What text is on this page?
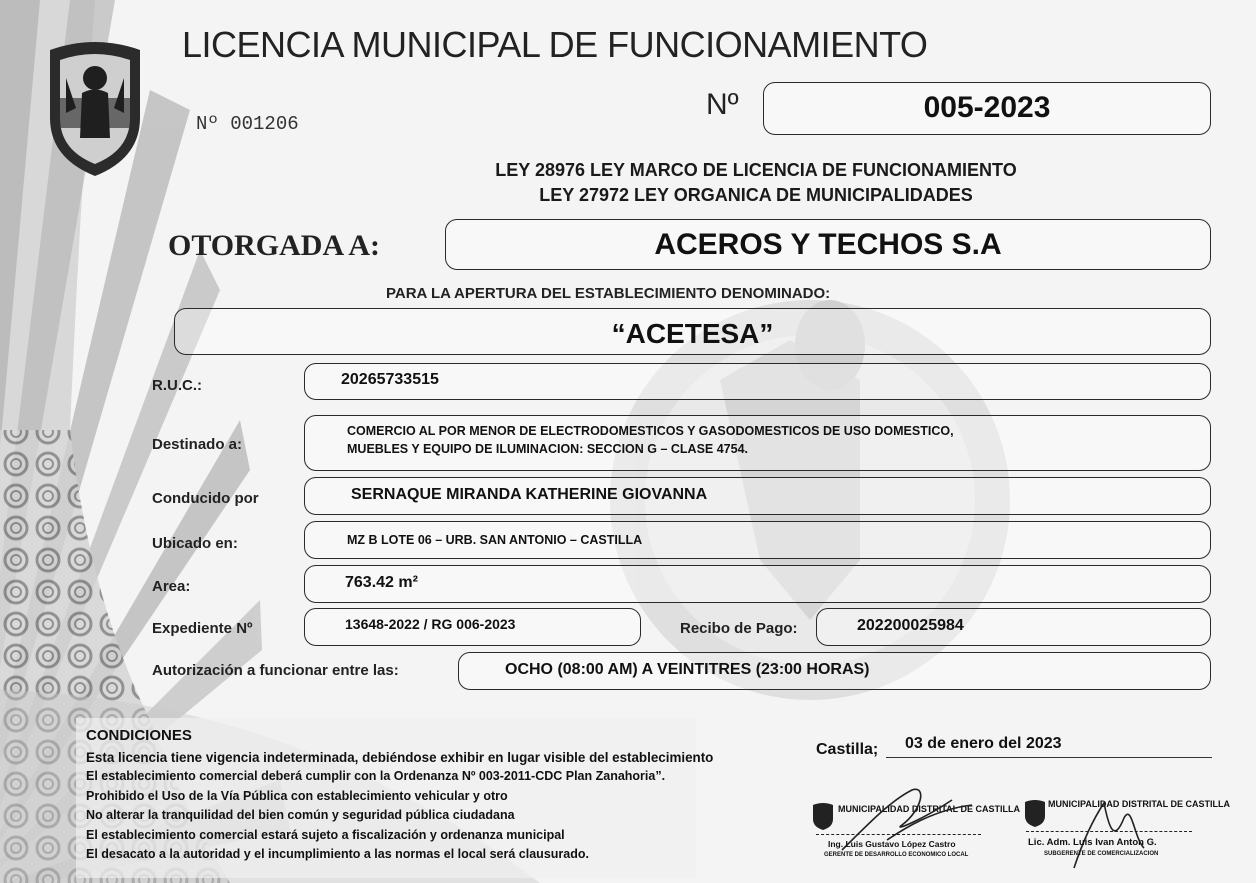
LICENCIA MUNICIPAL DE FUNCIONAMIENTO
Nº 001206
Nº	005-2023
LEY 28976 LEY MARCO DE LICENCIA DE FUNCIONAMIENTO
LEY 27972 LEY ORGANICA DE MUNICIPALIDADES
OTORGADA A:	ACEROS Y TECHOS S.A
PARA LA APERTURA DEL ESTABLECIMIENTO DENOMINADO:
“ACETESA”
R.U.C.:	20265733515
Destinado a:
COMERCIO AL POR MENOR DE ELECTRODOMESTICOS Y GASODOMESTICOS DE USO DOMESTICO,
MUEBLES Y EQUIPO DE ILUMINACION: SECCION G – CLASE 4754.
Conducido por	SERNAQUE MIRANDA KATHERINE GIOVANNA
Ubicado en:	MZ B LOTE 06 – URB. SAN ANTONIO – CASTILLA
Area:	763.42 m²
Expediente Nº	13648-2022 / RG 006-2023	Recibo de Pago:	202200025984
Autorización a funcionar entre las:	OCHO (08:00 AM) A VEINTITRES (23:00 HORAS)
CONDICIONES
Esta licencia tiene vigencia indeterminada, debiéndose exhibir en lugar visible del establecimiento
El establecimiento comercial deberá cumplir con la Ordenanza Nº 003-2011-CDC Plan Zanahoria”.
Prohibido el Uso de la Vía Pública con establecimiento vehicular y otro
No alterar la tranquilidad del bien común y seguridad pública ciudadana
El establecimiento comercial estará sujeto a fiscalización y ordenanza municipal
El desacato a la autoridad y el incumplimiento a las normas el local será clausurado.
Castilla; 03 de enero del 2023
MUNICIPALIDAD DISTRITAL DE CASTILLA
Ing. Luis Gustavo López Castro
GERENTE DE DESARROLLO ECONOMICO LOCAL
MUNICIPALIDAD DISTRITAL DE CASTILLA
Lic. Adm. Luis Ivan Anton G.
SUBGERENTE DE COMERCIALIZACION
